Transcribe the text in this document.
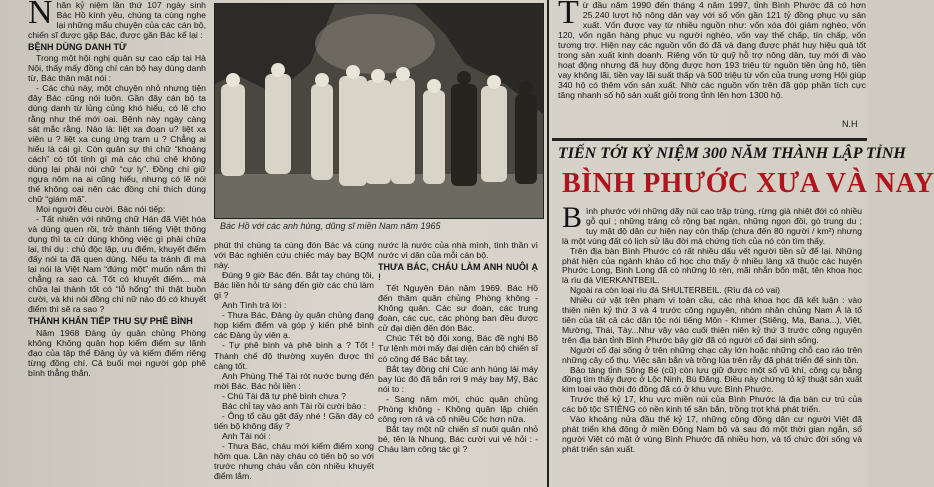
Nhân kỷ niệm lần thứ 107 ngày sinh Bác Hồ kính yêu, chúng ta cùng nghe lại những mẩu chuyện của các cán bộ, chiến sĩ được gặp Bác, được gần Bác kể lại :

BỆNH DÙNG DANH TỪ

Trong một hội nghị quân sự cao cấp tại Hà Nội, thấy mấy đồng chí cán bộ hay dùng danh từ, Bác thân mật nói :

- Các chú này, một chuyện nhỏ nhưng tiện đây Bác cũng nói luôn. Gần đây cán bộ ta dùng danh từ lủng củng khó hiểu, có lẽ cho rằng như thế mới oai. Bệnh này ngày càng sát mắc rằng. Nào là: liệt xa đoạn u? liệt xa viên u ? liệt xa cung ứng trạm u ? Chẳng ai hiểu là cái gì. Còn quân sự thì chữ “khoảng cách” có tốt tính gì mà các chú chê không dùng lại phải nói chữ “cự ly”. Đồng chí giữ ngựa nôm na ai cũng hiểu, nhưng có lẽ nói thế không oai nên các đồng chí thích dùng chữ “giám mã”.

Mọi người đều cười. Bác nói tiếp:

- Tất nhiên với những chữ Hán đã Việt hóa và dùng quen rồi, trở thành tiếng Việt thông dụng thì ta cứ dùng không việc gì phải chữa lại, thí dụ : chủ độc lập, ưu điểm, khuyết điểm đấy nói ta đã quen dùng. Nếu ta tránh đi mà lại nói là Việt Nam “đứng một” muốn nắm thì chẳng ra sao cả. Tốt có khuyết điểm... mà chữa lại thành tốt có “lỗ hổng” thì thật buồn cười, và khi nói đồng chí nữ nào đó có khuyết điểm thì sẽ ra sao ?

THẲNH KHẨN TIẾP THU SỰ PHÊ BÌNH

Năm 1968 Đảng ủy quân chủng Phòng không Không quân họp kiểm điểm sự lãnh đạo của tập thể Đảng ủy và kiểm điểm riêng từng đồng chí. Cả buổi mọi người góp phê bình thẳng thắn.

Bác Hồ với các anh hùng, dũng sĩ miền Nam năm 1965

phút thì chúng ta cùng đón Bác và cùng với Bác nghiên cứu chiếc máy bay BQM này.

Đúng 9 giờ Bác đến. Bắt tay chúng tôi, Bác liền hỏi từ sáng đến giờ các chú làm gì ?

Anh Tình trả lời :

- Thưa Bác, Đảng ủy quân chủng đang họp kiểm điểm và góp ý kiến phê bình các Đảng ủy viên ạ.

- Tự phê bình và phê bình ạ ? Tốt ! Thành chế độ thường xuyên được thì càng tốt.

Anh Phùng Thế Tài rót nước bưng đến mời Bác. Bác hỏi liền :

- Chú Tài đã tự phê bình chưa ?

Bác chỉ tay vào anh Tài rồi cười bảo :

- Ông tổ cầu gặt đấy nhé ! Gần đây có tiến bộ không đấy ?

Anh Tài nói :

- Thưa Bác, cháu mới kiểm điểm xong hôm qua. Lần này cháu có tiến bộ so với trước nhưng cháu vẫn còn nhiều khuyết điểm lắm.

nước là nước của nhà mình, tình thần vì nước vì dân của mỗi cán bộ.

THƯA BÁC, CHÁU LÀM ANH NUÔI Ạ !

Tết Nguyên Đán năm 1969. Bác Hồ đến thăm quân chủng Phòng không - Không quân. Các sư đoàn, các trung đoàn, các cục, các phòng ban đều được cử đại diện đến đón Bác.

Chúc Tết bộ đội xong, Bác đề nghị Bộ Tư lệnh mời mấy đại diện cán bộ chiến sĩ có công để Bác bắt tay.

Bắt tay đồng chí Cúc anh hùng lái máy bay lúc đó đã bắn rơi 9 máy bay Mỹ, Bác nói to :

- Sang năm mới, chúc quân chủng Phòng không - Không quân lập chiến công rơn rả và cô nhiều Cốc hơn nữa.

Bắt tay một nữ chiến sĩ nuôi quân nhỏ bé, tên là Nhung, Bác cười vui vẻ hỏi : - Cháu làm công tác gì ?

Từ đầu năm 1990 đến tháng 4 năm 1997, tỉnh Bình Phước đã có hơn 25.240 lượt hộ nông dân vay với số vốn gần 121 tỷ đồng phục vụ sản xuất. Vốn được vay từ nhiều nguồn như: vốn xóa đói giảm nghèo, vốn 120, vốn ngân hàng phục vụ người nghèo, vốn vay thế chấp, tín chấp, vốn tương trợ. Hiện nay các nguồn vốn đó đã và đang được phát huy hiệu quả tốt trong sản xuất kinh doanh. Riêng vốn từ quỹ hỗ trợ nông dân, tuy mới đi vào hoạt động nhưng đã huy động được hơn 193 triệu từ nguồn tiền ủng hộ, tiền vay không lãi, tiền vay lãi suất thấp và 500 triệu từ vốn của trung ương Hội giúp 340 hộ có thêm vốn sản xuất. Nhờ các nguồn vốn trên đã góp phần tích cực tăng nhanh số hộ sản xuất giỏi trong tỉnh lên hơn 1300 hộ.

N.H
TIẾN TỚI KỶ NIỆM 300 NĂM THÀNH LẬP TỈNH
BÌNH PHƯỚC XƯA VÀ NAY

Bình phước với những dãy núi cao trập trùng, rừng già nhiệt đới có nhiều gỗ quí ; những trảng cỏ rộng bạt ngàn, những ngọn đồi, gò trung du ; tuy mật độ dân cư hiện nay còn thấp (chưa đến 80 người / km²) nhưng là một vùng đất có lịch sử lâu đời mà chứng tích của nó còn tìm thấy.

Trên địa bàn Bình Phước có rất nhiều dấu vết người tiền sử để lại. Những phát hiện của ngành khảo cổ học cho thấy ở nhiều làng xã thuộc các huyện Phước Long, Bình Long đã có những lò rèn, mãi nhẫn bốn mặt, tên khoa học là rìu đá VIERKANTBEIL.

Ngoài ra còn loại rìu đá SHULTERBEIL. (Rìu đá có vai)

Nhiều cứ vật trên phạm vi toàn cầu, các nhà khoa học đã kết luận : vào thiên niên kỷ thứ 3 và 4 trước công nguyên, nhóm nhân chủng Nam Á là tổ tiên của tất cả các dân tộc nói tiếng Môn - Khmer (Stiêng, Mạ, Bana...), Việt, Mường, Thái, Tày...Như vậy vào cuối thiên niên kỷ thứ 3 trước công nguyên trên địa bàn tỉnh Bình Phước bây giờ đã có người cổ đại sinh sống.

Người cổ đại sống ở trên những chạc cây lớn hoặc những chỗ cao ráo trên những cây cổ thụ. Việc săn bắn và trồng lúa trên rẫy đã phát triển để sinh tồn.

Bảo tàng tỉnh Sông Bé (cũ) còn lưu giữ được một số vũ khí, công cụ bằng đồng tìm thấy được ở Lộc Ninh, Bù Đăng. Điều này chứng tỏ kỹ thuật sản xuất kim loại vào thời đó đồng đã có ở khu vực Bình Phước.

Trước thế kỷ 17, khu vực miền núi của Bình Phước là địa bàn cư trú của các bộ tộc STIÊNG có nền kinh tế săn bắn, trồng trọt khá phát triển.

Vào khoảng nửa đầu thế kỷ 17, những cộng đồng dân cư người Việt đã phát triển khá đông ở miền Đông Nam bộ và sau đó một thời gian ngắn, số người Việt có mặt ở vùng Bình Phước đã nhiều hơn, và tổ chức đời sống và phát triển sản xuất.
